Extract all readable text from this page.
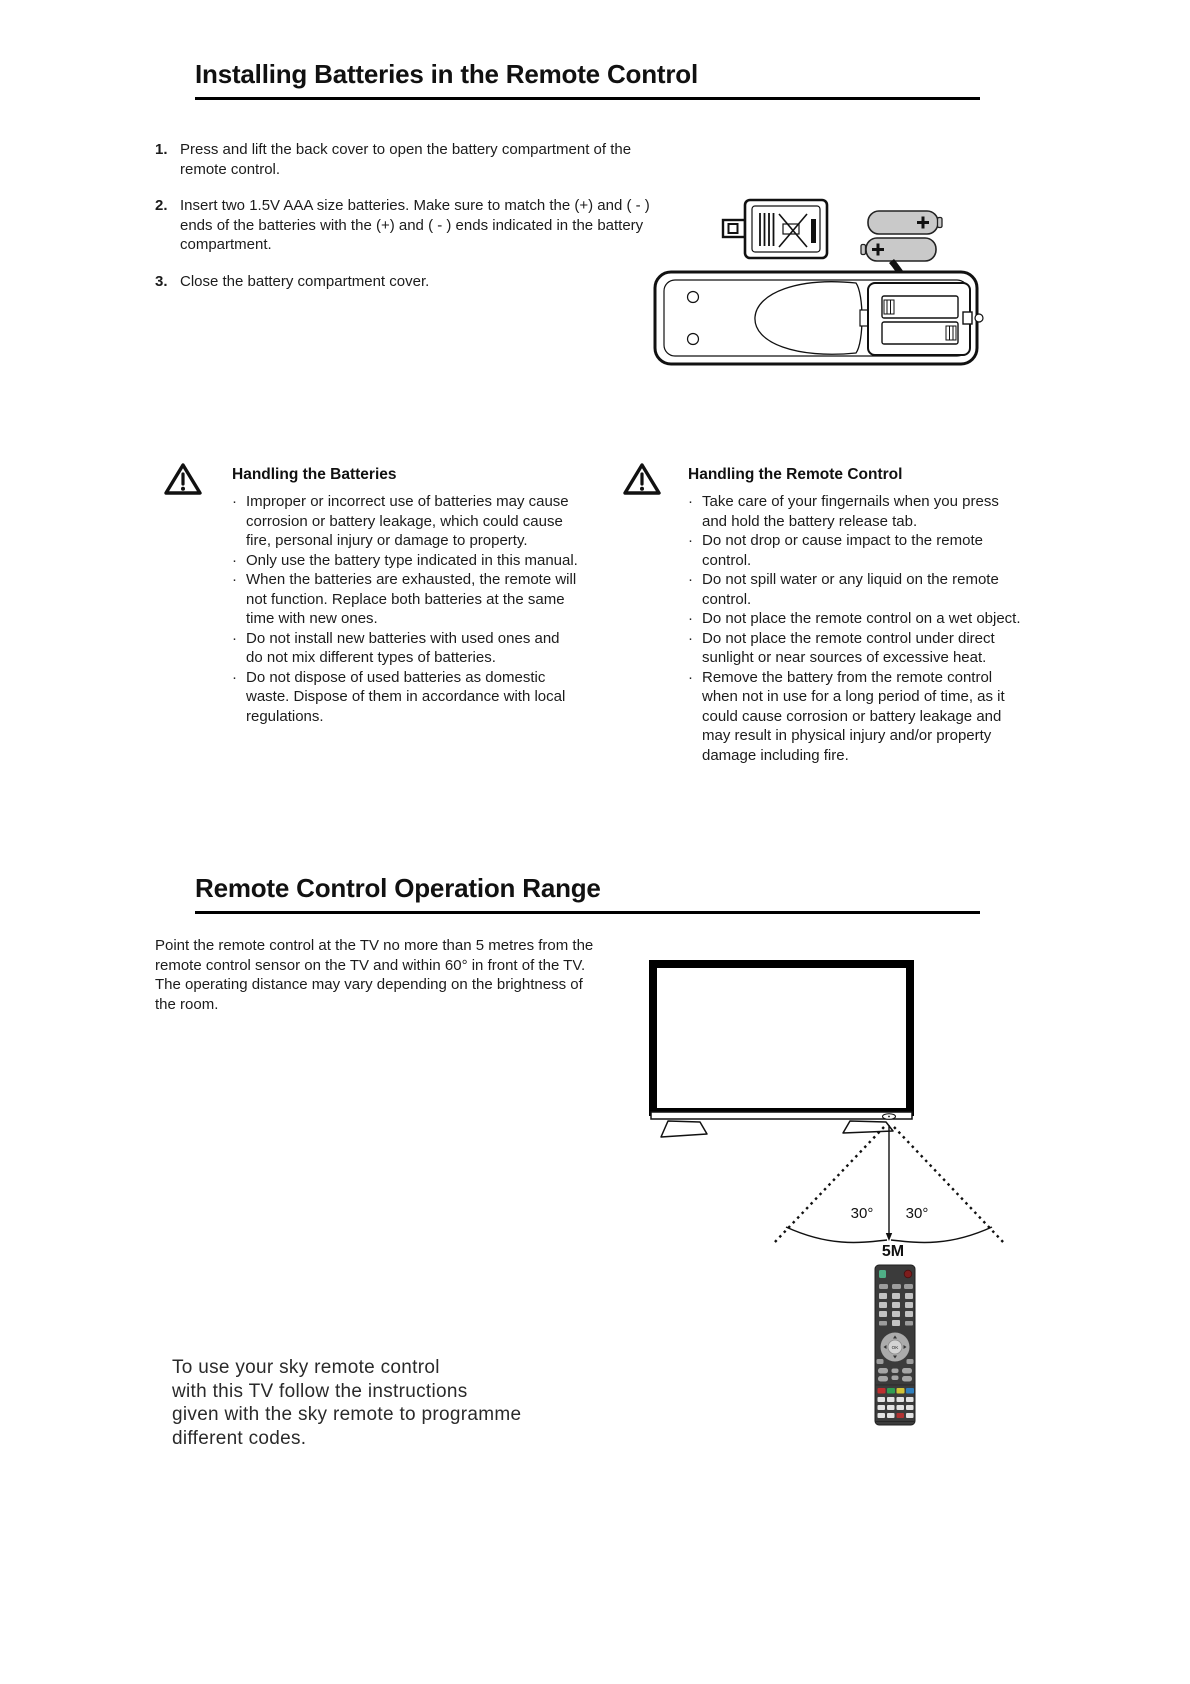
Installing Batteries in the Remote Control
1. Press and lift the back cover to open the battery compartment of the remote control.
2. Insert two 1.5V AAA size batteries. Make sure to match the (+) and ( - ) ends of the batteries with the (+) and ( - ) ends indicated in the battery compartment.
3. Close the battery compartment cover.
Handling the Batteries
· Improper or incorrect use of batteries may cause corrosion or battery leakage, which could cause fire, personal injury or damage to property.
· Only use the battery type indicated in this manual.
· When the batteries are exhausted, the remote will not function. Replace both batteries at the same time with new ones.
· Do not install new batteries with used ones and do not mix different types of batteries.
· Do not dispose of used batteries as domestic waste. Dispose of them in accordance with local regulations.
Handling the Remote Control
· Take care of your fingernails when you press and hold the battery release tab.
· Do not drop or cause impact to the remote control.
· Do not spill water or any liquid on the remote control.
· Do not place the remote control on a wet object.
· Do not place the remote control under direct sunlight or near sources of excessive heat.
· Remove the battery from the remote control when not in use for a long period of time, as it could cause corrosion or battery leakage and may result in physical injury and/or property damage including fire.
Remote Control Operation Range

Point the remote control at the TV no more than 5 metres from the remote control sensor on the TV and within 60° in front of the TV. The operating distance may vary depending on the brightness of the room.

30° 30°
5M
OK
To use your sky remote control
with this TV follow the instructions
given with the sky remote to programme
different codes.
